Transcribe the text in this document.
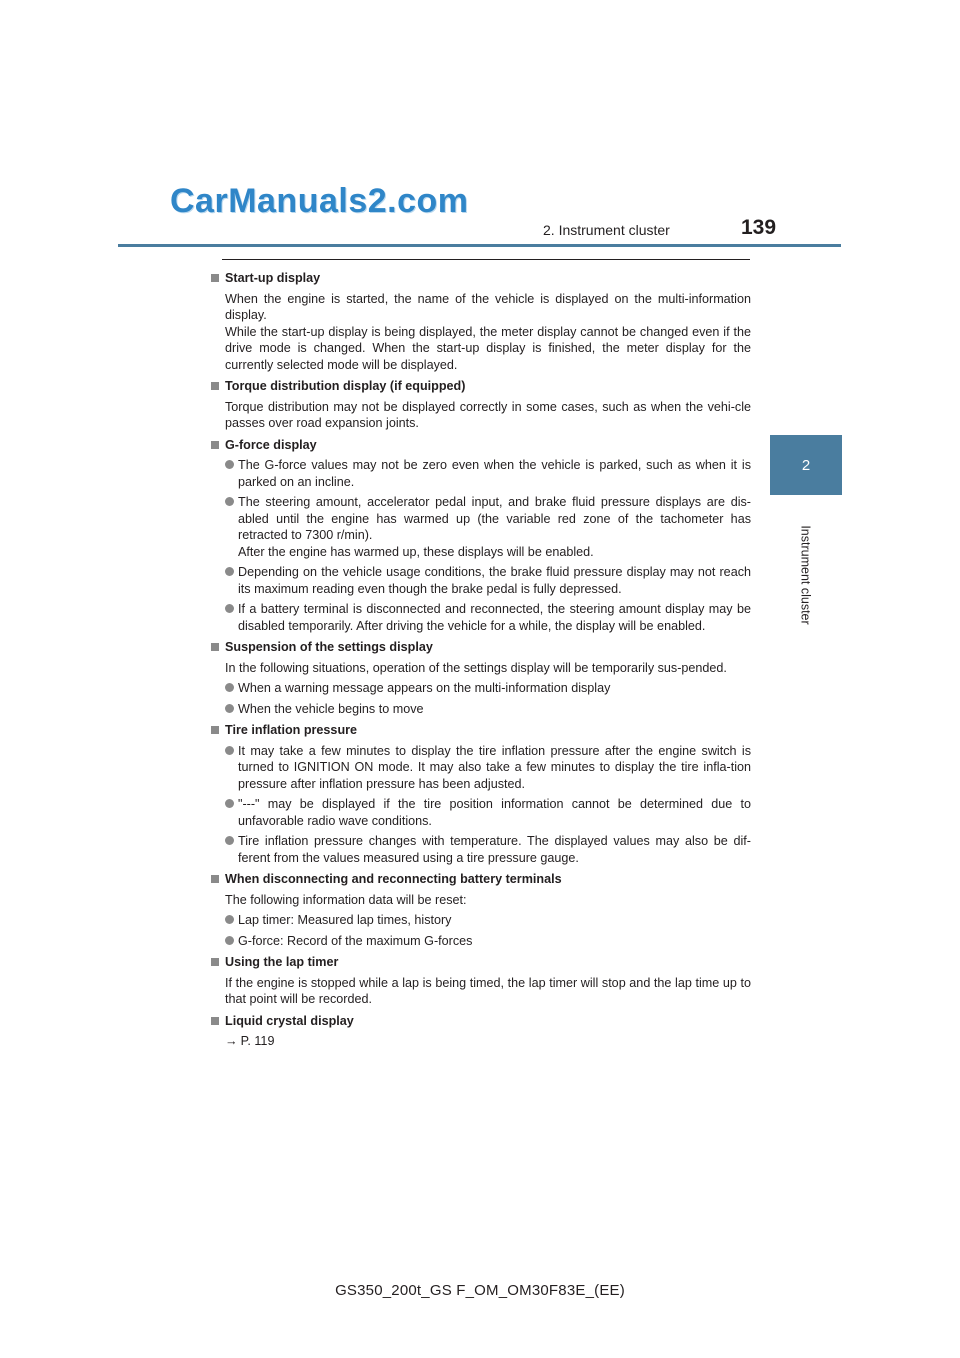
CarManuals2.com
2. Instrument cluster	139
2
Instrument cluster
Start-up display
When the engine is started, the name of the vehicle is displayed on the multi-information display.
While the start-up display is being displayed, the meter display cannot be changed even if the drive mode is changed. When the start-up display is finished, the meter display for the currently selected mode will be displayed.
Torque distribution display (if equipped)
Torque distribution may not be displayed correctly in some cases, such as when the vehi-cle passes over road expansion joints.
G-force display
The G-force values may not be zero even when the vehicle is parked, such as when it is parked on an incline.
The steering amount, accelerator pedal input, and brake fluid pressure displays are dis-abled until the engine has warmed up (the variable red zone of the tachometer has retracted to 7300 r/min).
After the engine has warmed up, these displays will be enabled.
Depending on the vehicle usage conditions, the brake fluid pressure display may not reach its maximum reading even though the brake pedal is fully depressed.
If a battery terminal is disconnected and reconnected, the steering amount display may be disabled temporarily. After driving the vehicle for a while, the display will be enabled.
Suspension of the settings display
In the following situations, operation of the settings display will be temporarily sus-pended.
When a warning message appears on the multi-information display
When the vehicle begins to move
Tire inflation pressure
It may take a few minutes to display the tire inflation pressure after the engine switch is turned to IGNITION ON mode. It may also take a few minutes to display the tire infla-tion pressure after inflation pressure has been adjusted.
"---" may be displayed if the tire position information cannot be determined due to unfavorable radio wave conditions.
Tire inflation pressure changes with temperature. The displayed values may also be dif-ferent from the values measured using a tire pressure gauge.
When disconnecting and reconnecting battery terminals
The following information data will be reset:
Lap timer: Measured lap times, history
G-force: Record of the maximum G-forces
Using the lap timer
If the engine is stopped while a lap is being timed, the lap timer will stop and the lap time up to that point will be recorded.
Liquid crystal display
→ P. 119
GS350_200t_GS F_OM_OM30F83E_(EE)
